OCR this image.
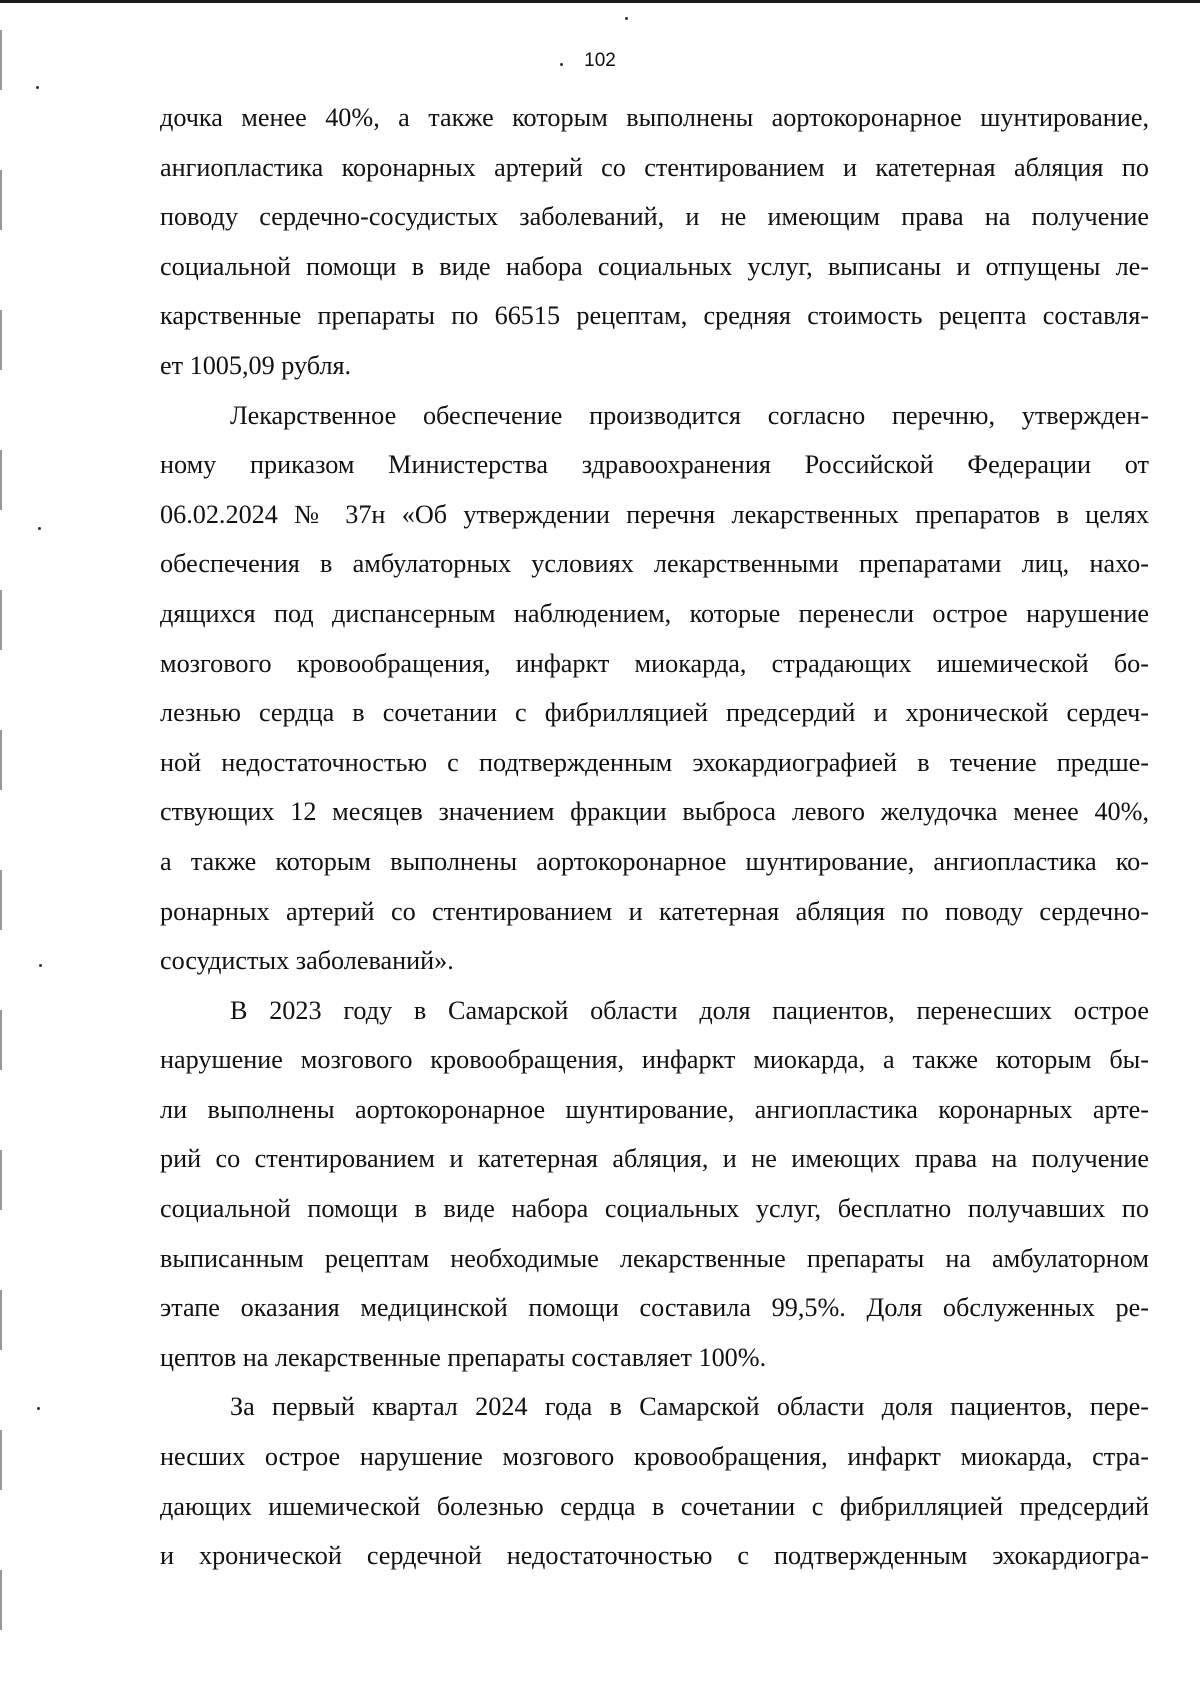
102
дочка менее 40%, а также которым выполнены аортокоронарное шунтирование,
ангиопластика коронарных артерий со стентированием и катетерная абляция по
поводу сердечно-сосудистых заболеваний, и не имеющим права на получение
социальной помощи в виде набора социальных услуг, выписаны и отпущены ле-
карственные препараты по 66515 рецептам, средняя стоимость рецепта составля-
ет 1005,09 рубля.
Лекарственное обеспечение производится согласно перечню, утвержден-
ному приказом Министерства здравоохранения Российской Федерации от
06.02.2024 № 37н «Об утверждении перечня лекарственных препаратов в целях
обеспечения в амбулаторных условиях лекарственными препаратами лиц, нахо-
дящихся под диспансерным наблюдением, которые перенесли острое нарушение
мозгового кровообращения, инфаркт миокарда, страдающих ишемической бо-
лезнью сердца в сочетании с фибрилляцией предсердий и хронической сердеч-
ной недостаточностью с подтвержденным эхокардиографией в течение предше-
ствующих 12 месяцев значением фракции выброса левого желудочка менее 40%,
а также которым выполнены аортокоронарное шунтирование, ангиопластика ко-
ронарных артерий со стентированием и катетерная абляция по поводу сердечно-
сосудистых заболеваний».
В 2023 году в Самарской области доля пациентов, перенесших острое
нарушение мозгового кровообращения, инфаркт миокарда, а также которым бы-
ли выполнены аортокоронарное шунтирование, ангиопластика коронарных арте-
рий со стентированием и катетерная абляция, и не имеющих права на получение
социальной помощи в виде набора социальных услуг, бесплатно получавших по
выписанным рецептам необходимые лекарственные препараты на амбулаторном
этапе оказания медицинской помощи составила 99,5%. Доля обслуженных ре-
цептов на лекарственные препараты составляет 100%.
За первый квартал 2024 года в Самарской области доля пациентов, пере-
несших острое нарушение мозгового кровообращения, инфаркт миокарда, стра-
дающих ишемической болезнью сердца в сочетании с фибрилляцией предсердий
и хронической сердечной недостаточностью с подтвержденным эхокардиогра-
